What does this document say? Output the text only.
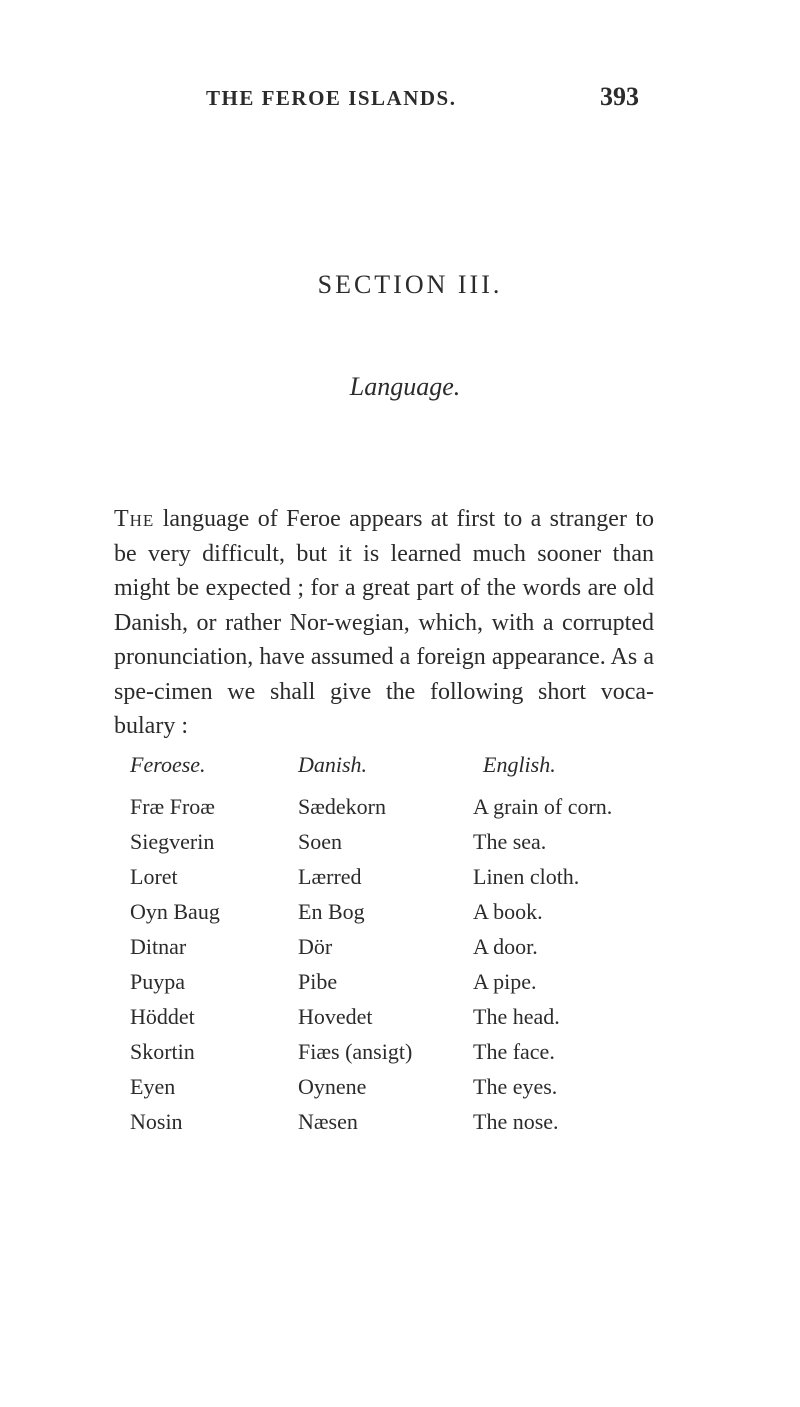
THE FEROE ISLANDS.	393
SECTION III.
Language.
The language of Feroe appears at first to a stranger to be very difficult, but it is learned much sooner than might be expected ; for a great part of the words are old Danish, or rather Nor-wegian, which, with a corrupted pronunciation, have assumed a foreign appearance. As a spe-cimen we shall give the following short voca-bulary :
Feroese.	Danish.	English.
Fræ Froæ	Sædekorn	A grain of corn.
Siegverin	Soen	The sea.
Loret	Lærred	Linen cloth.
Oyn Baug	En Bog	A book.
Ditnar	Dör	A door.
Puypa	Pibe	A pipe.
Höddet	Hovedet	The head.
Skortin	Fiæs (ansigt)	The face.
Eyen	Oynene	The eyes.
Nosin	Næsen	The nose.
